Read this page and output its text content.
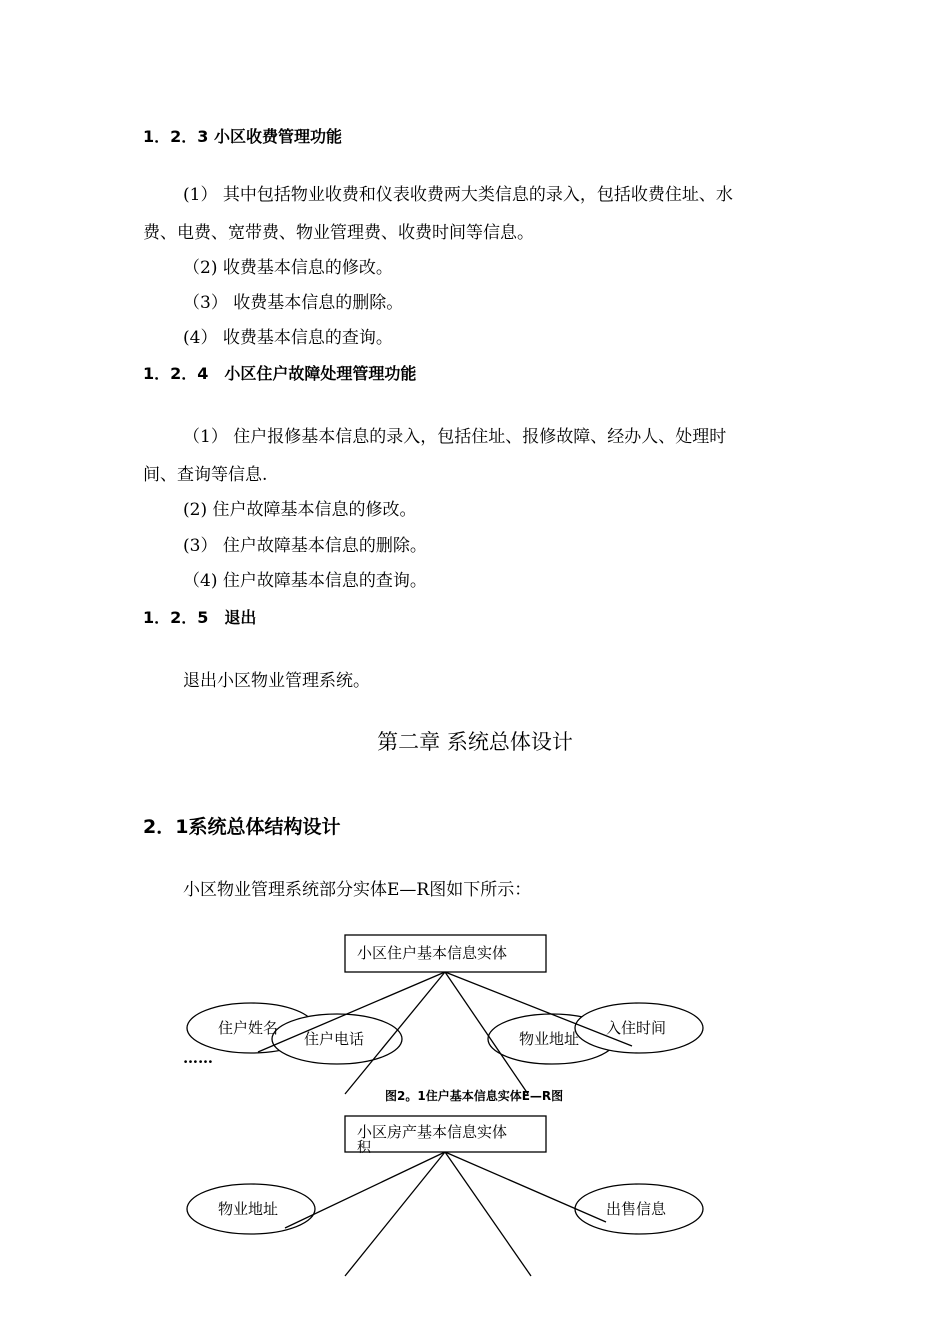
1．2．3 小区收费管理功能
(1） 其中包括物业收费和仪表收费两大类信息的录入，包括收费住址、水
费、电费、宽带费、物业管理费、收费时间等信息。
（2) 收费基本信息的修改。
（3） 收费基本信息的删除。
(4） 收费基本信息的查询。
1．2．4　小区住户故障处理管理功能
（1） 住户报修基本信息的录入，包括住址、报修故障、经办人、处理时
间、查询等信息.
(2) 住户故障基本信息的修改。
(3） 住户故障基本信息的删除。
（4) 住户故障基本信息的查询。
1．2．5　退出
退出小区物业管理系统。
第二章 系统总体设计
2．1系统总体结构设计
小区物业管理系统部分实体E—R图如下所示：
小区住户基本信息实体
住户姓名
住户电话	物业地址
入住时间
……
图2。1住户基本信息实体E—R图
小区房产基本信息实体
积
物业地址	出售信息
